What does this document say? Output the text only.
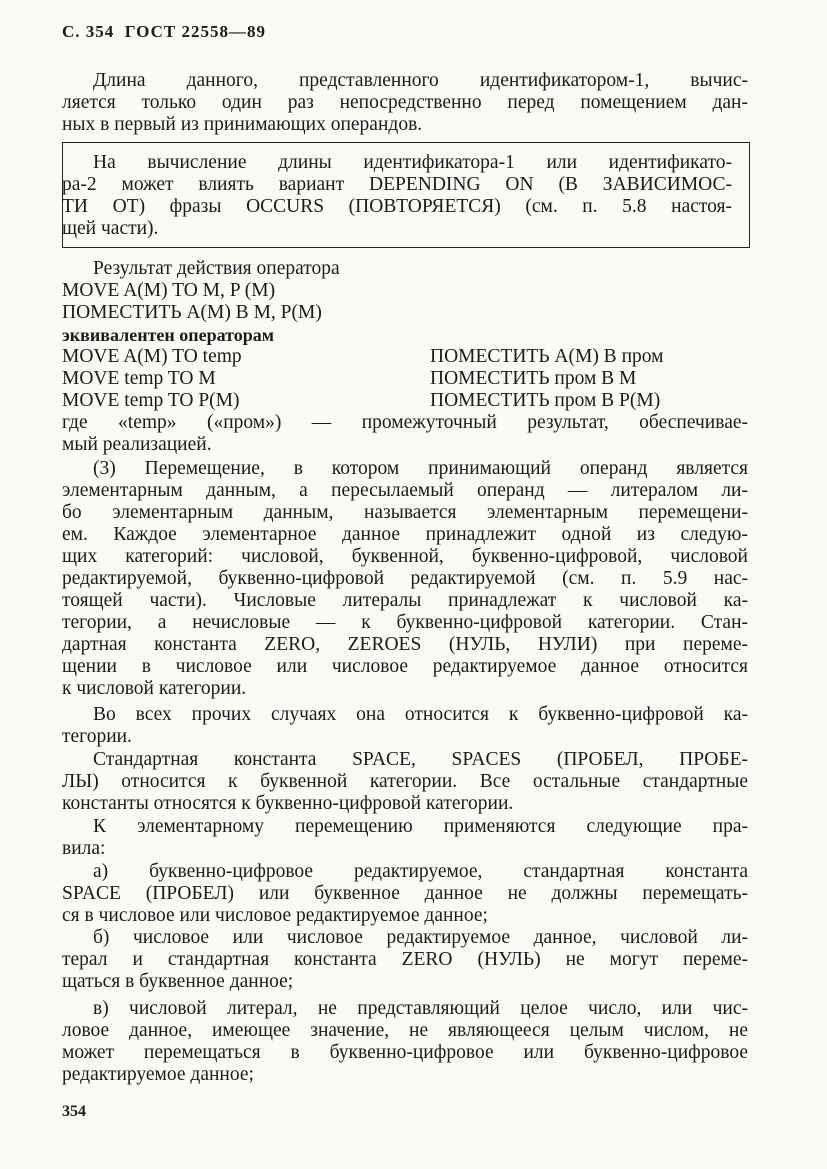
С. 354  ГОСТ 22558—89
Длина данного, представленного идентификатором-1, вычис-
ляется только один раз непосредственно перед помещением дан-
ных в первый из принимающих операндов.
На вычисление длины идентификатора-1 или идентификато-
ра-2 может влиять вариант DEPENDING ON (В ЗАВИСИМОС-
ТИ ОТ) фразы OCCURS (ПОВТОРЯЕТСЯ) (см. п. 5.8 настоя-
щей части).
Результат действия оператора
MOVE A(M) TO M, P (M)
ПОМЕСТИТЬ A(M) B M, P(M)
эквивалентен операторам
MOVE A(M) TO temp	ПОМЕСТИТЬ A(M) B пром
MOVE temp TO M	ПОМЕСТИТЬ пром B M
MOVE temp TO P(M)	ПОМЕСТИТЬ пром B P(M)
где «temp» («пром») — промежуточный результат, обеспечивае-
мый реализацией.
(3) Перемещение, в котором принимающий операнд является
элементарным данным, а пересылаемый операнд — литералом ли-
бо элементарным данным, называется элементарным перемещени-
ем. Каждое элементарное данное принадлежит одной из следую-
щих категорий: числовой, буквенной, буквенно-цифровой, числовой
редактируемой, буквенно-цифровой редактируемой (см. п. 5.9 нас-
тоящей части). Числовые литералы принадлежат к числовой ка-
тегории, а нечисловые — к буквенно-цифровой категории. Стан-
дартная константа ZERO, ZEROES (НУЛЬ, НУЛИ) при переме-
щении в числовое или числовое редактируемое данное относится
к числовой категории.
Во всех прочих случаях она относится к буквенно-цифровой ка-
тегории.
Стандартная константа SPACE, SPACES (ПРОБЕЛ, ПРОБЕ-
ЛЫ) относится к буквенной категории. Все остальные стандартные
константы относятся к буквенно-цифровой категории.
К элементарному перемещению применяются следующие пра-
вила:
а) буквенно-цифровое редактируемое, стандартная константа
SPACE (ПРОБЕЛ) или буквенное данное не должны перемещать-
ся в числовое или числовое редактируемое данное;
б) числовое или числовое редактируемое данное, числовой ли-
терал и стандартная константа ZERO (НУЛЬ) не могут переме-
щаться в буквенное данное;
в) числовой литерал, не представляющий целое число, или чис-
ловое данное, имеющее значение, не являющееся целым числом, не
может перемещаться в буквенно-цифровое или буквенно-цифровое
редактируемое данное;
354
